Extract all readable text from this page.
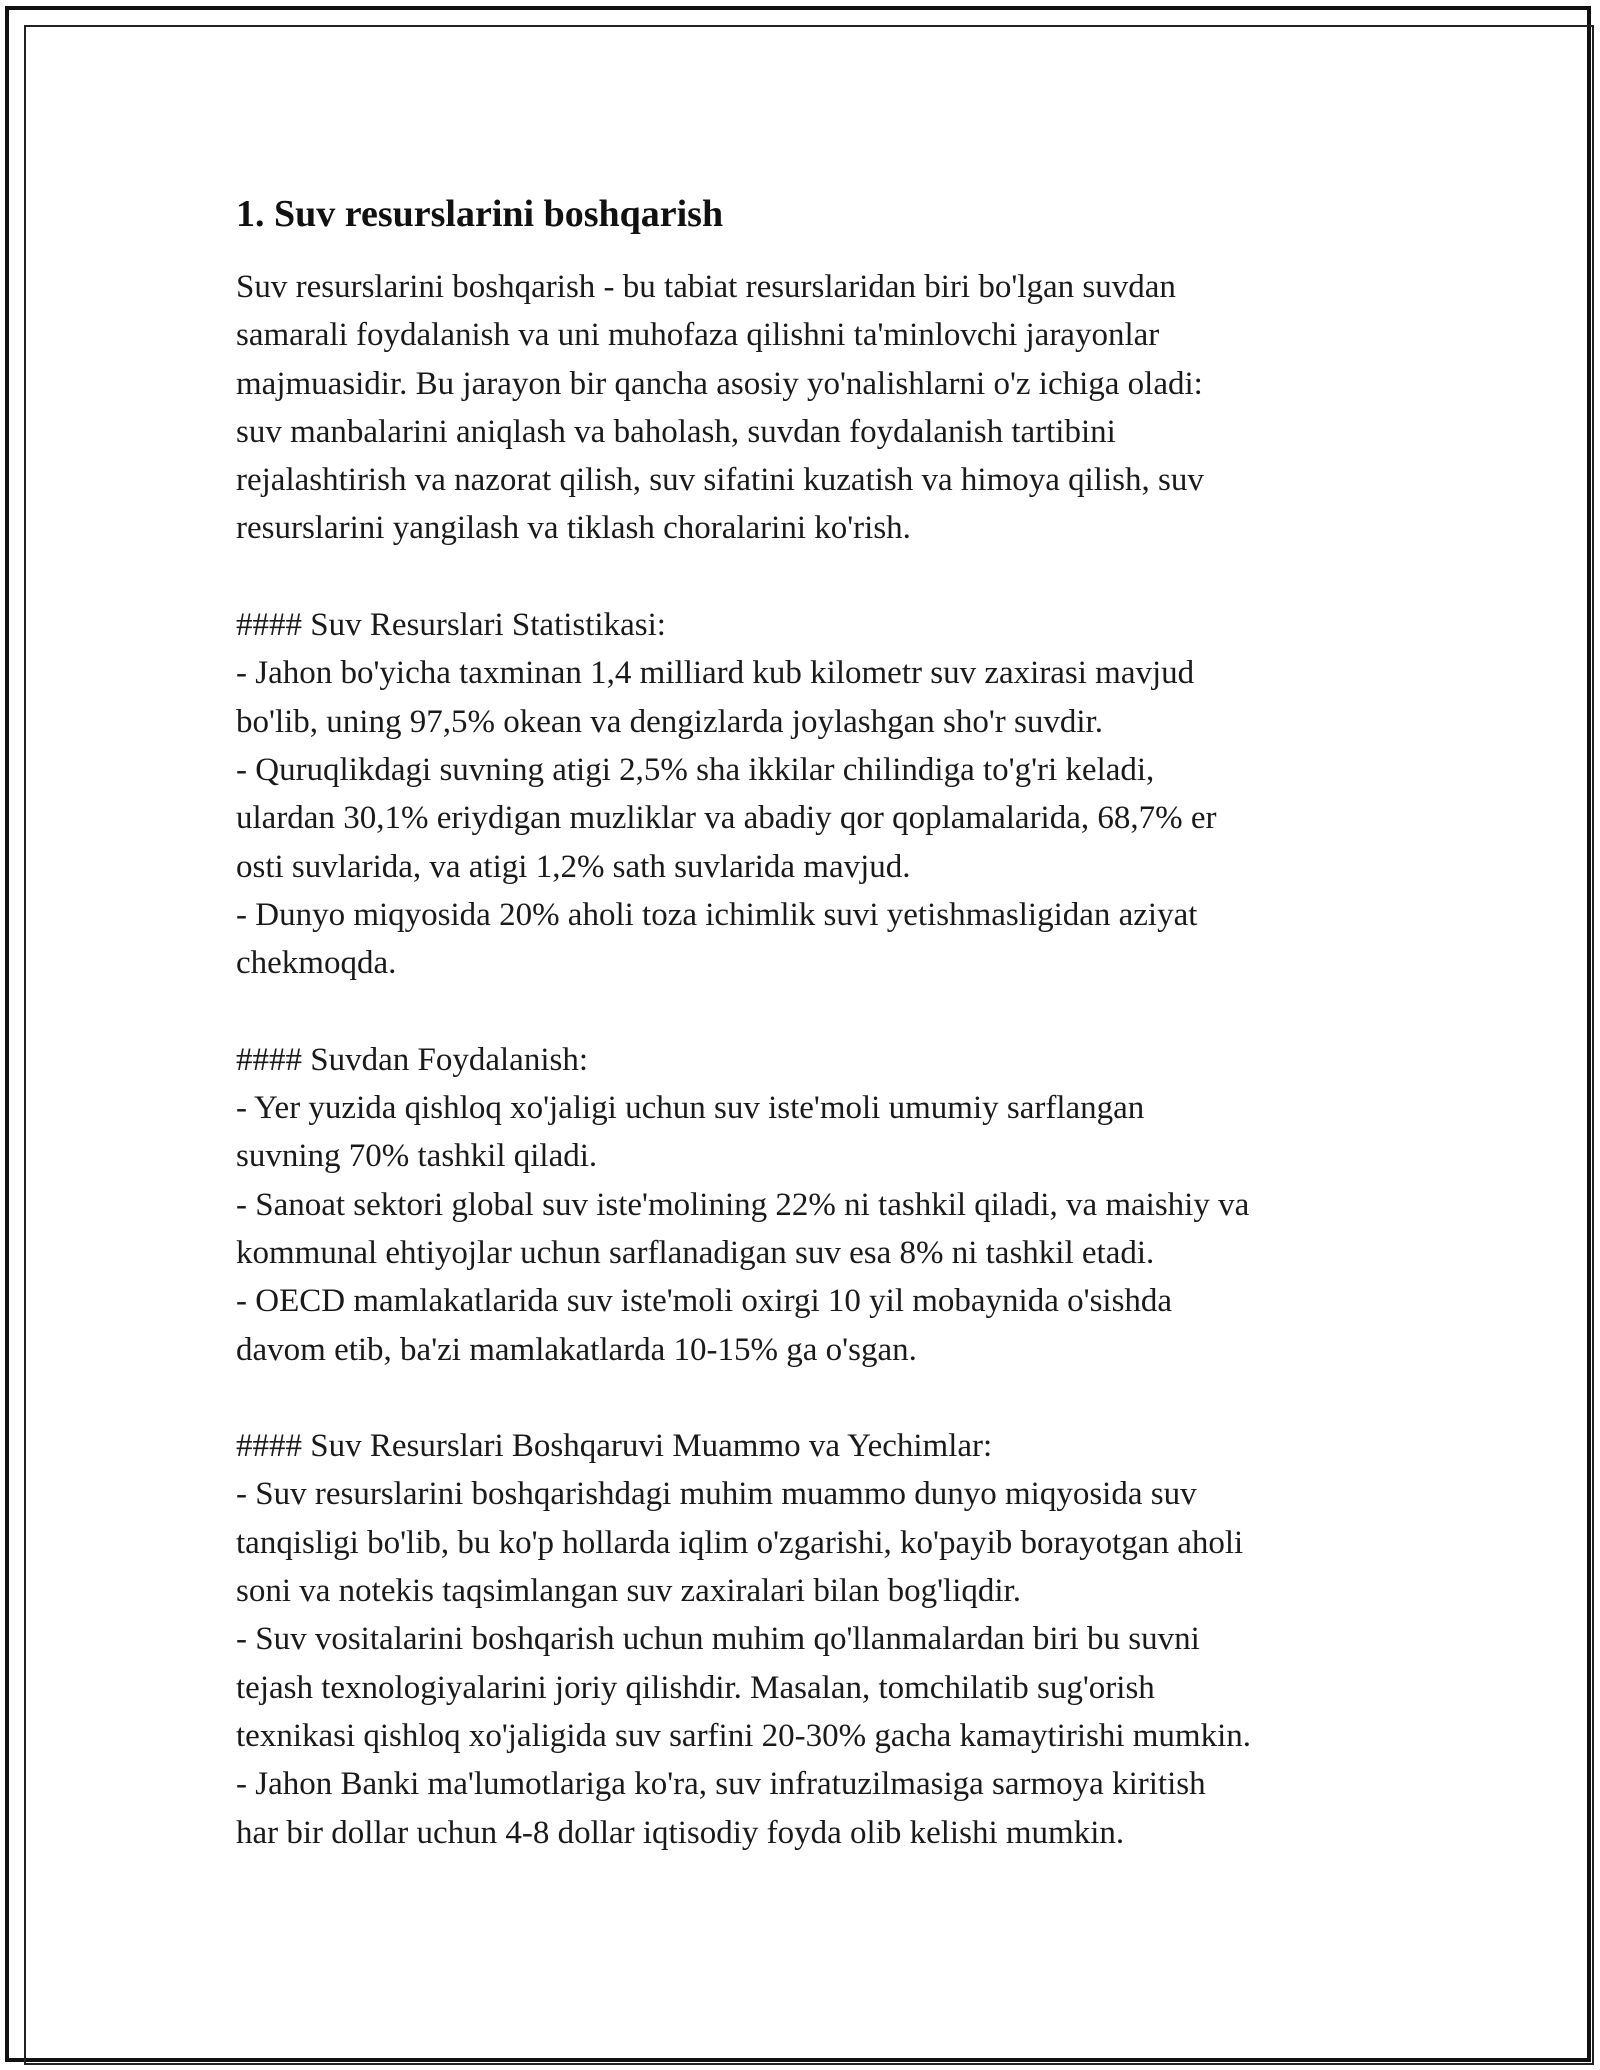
1. Suv resurslarini boshqarish
Suv resurslarini boshqarish - bu tabiat resurslaridan biri bo'lgan suvdan
samarali foydalanish va uni muhofaza qilishni ta'minlovchi jarayonlar
majmuasidir. Bu jarayon bir qancha asosiy yo'nalishlarni o'z ichiga oladi:
suv manbalarini aniqlash va baholash, suvdan foydalanish tartibini
rejalashtirish va nazorat qilish, suv sifatini kuzatish va himoya qilish, suv
resurslarini yangilash va tiklash choralarini ko'rish.
#### Suv Resurslari Statistikasi:
- Jahon bo'yicha taxminan 1,4 milliard kub kilometr suv zaxirasi mavjud
bo'lib, uning 97,5% okean va dengizlarda joylashgan sho'r suvdir.
- Quruqlikdagi suvning atigi 2,5% sha ikkilar chilindiga to'g'ri keladi,
ulardan 30,1% eriydigan muzliklar va abadiy qor qoplamalarida, 68,7% er
osti suvlarida, va atigi 1,2% sath suvlarida mavjud.
- Dunyo miqyosida 20% aholi toza ichimlik suvi yetishmasligidan aziyat
chekmoqda.
#### Suvdan Foydalanish:
- Yer yuzida qishloq xo'jaligi uchun suv iste'moli umumiy sarflangan
suvning 70% tashkil qiladi.
- Sanoat sektori global suv iste'molining 22% ni tashkil qiladi, va maishiy va
kommunal ehtiyojlar uchun sarflanadigan suv esa 8% ni tashkil etadi.
- OECD mamlakatlarida suv iste'moli oxirgi 10 yil mobaynida o'sishda
davom etib, ba'zi mamlakatlarda 10-15% ga o'sgan.
#### Suv Resurslari Boshqaruvi Muammo va Yechimlar:
- Suv resurslarini boshqarishdagi muhim muammo dunyo miqyosida suv
tanqisligi bo'lib, bu ko'p hollarda iqlim o'zgarishi, ko'payib borayotgan aholi
soni va notekis taqsimlangan suv zaxiralari bilan bog'liqdir.
- Suv vositalarini boshqarish uchun muhim qo'llanmalardan biri bu suvni
tejash texnologiyalarini joriy qilishdir. Masalan, tomchilatib sug'orish
texnikasi qishloq xo'jaligida suv sarfini 20-30% gacha kamaytirishi mumkin.
- Jahon Banki ma'lumotlariga ko'ra, suv infratuzilmasiga sarmoya kiritish
har bir dollar uchun 4-8 dollar iqtisodiy foyda olib kelishi mumkin.
